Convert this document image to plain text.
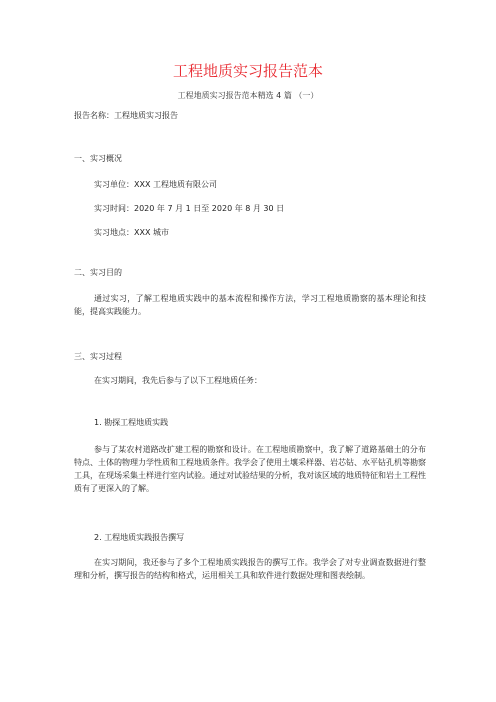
工程地质实习报告范本
工程地质实习报告范本精选 4 篇 （一）
报告名称：工程地质实习报告
一、实习概况
实习单位：XXX 工程地质有限公司
实习时间：2020 年 7 月 1 日至 2020 年 8 月 30 日
实习地点：XXX 城市
二、实习目的
通过实习，了解工程地质实践中的基本流程和操作方法，学习工程地质勘察的基本理论和技能，提高实践能力。
三、实习过程
在实习期间，我先后参与了以下工程地质任务：
1. 勘探工程地质实践
参与了某农村道路改扩建工程的勘察和设计。在工程地质勘察中，我了解了道路基础土的分布特点、土体的物理力学性质和工程地质条件。我学会了使用土壤采样器、岩芯钻、水平钻孔机等勘察工具，在现场采集土样进行室内试验。通过对试验结果的分析，我对该区域的地质特征和岩土工程性质有了更深入的了解。
2. 工程地质实践报告撰写
在实习期间，我还参与了多个工程地质实践报告的撰写工作。我学会了对专业调查数据进行整理和分析，撰写报告的结构和格式，运用相关工具和软件进行数据处理和图表绘制。
